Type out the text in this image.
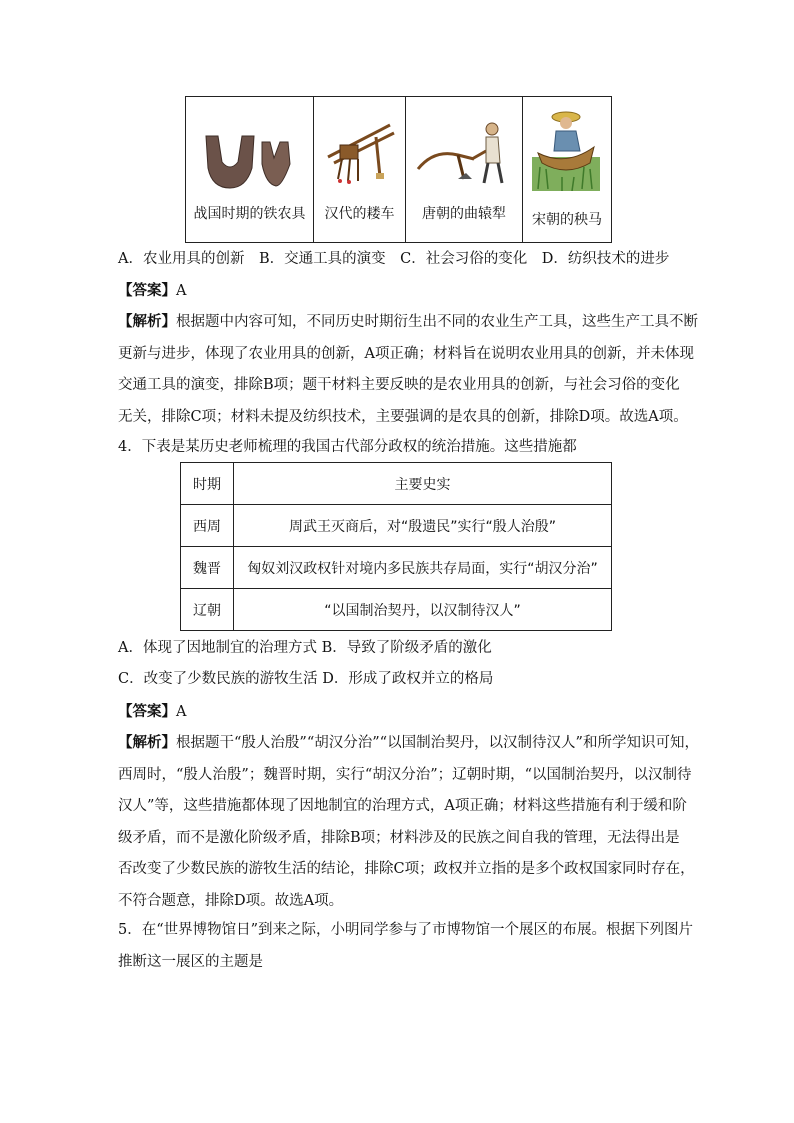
战国时期的铁农具	汉代的耧车	唐朝的曲辕犁	宋朝的秧马
A．农业用具的创新　B．交通工具的演变　C．社会习俗的变化　D．纺织技术的进步
【答案】A
【解析】根据题中内容可知，不同历史时期衍生出不同的农业生产工具，这些生产工具不断
更新与进步，体现了农业用具的创新，A项正确；材料旨在说明农业用具的创新，并未体现
交通工具的演变，排除B项；题干材料主要反映的是农业用具的创新，与社会习俗的变化
无关，排除C项；材料未提及纺织技术，主要强调的是农具的创新，排除D项。故选A项。
4．下表是某历史老师梳理的我国古代部分政权的统治措施。这些措施都
时期	主要史实
西周	周武王灭商后，对“殷遗民”实行“殷人治殷”
魏晋	匈奴刘汉政权针对境内多民族共存局面，实行“胡汉分治”
辽朝	“以国制治契丹，以汉制待汉人”
A．体现了因地制宜的治理方式 B．导致了阶级矛盾的激化
C．改变了少数民族的游牧生活 D．形成了政权并立的格局
【答案】A
【解析】根据题干“殷人治殷”“胡汉分治”“以国制治契丹，以汉制待汉人”和所学知识可知，
西周时，“殷人治殷”；魏晋时期，实行“胡汉分治”；辽朝时期，“以国制治契丹，以汉制待
汉人”等，这些措施都体现了因地制宜的治理方式，A项正确；材料这些措施有利于缓和阶
级矛盾，而不是激化阶级矛盾，排除B项；材料涉及的民族之间自我的管理，无法得出是
否改变了少数民族的游牧生活的结论，排除C项；政权并立指的是多个政权国家同时存在，
不符合题意，排除D项。故选A项。
5．在“世界博物馆日”到来之际，小明同学参与了市博物馆一个展区的布展。根据下列图片
推断这一展区的主题是
